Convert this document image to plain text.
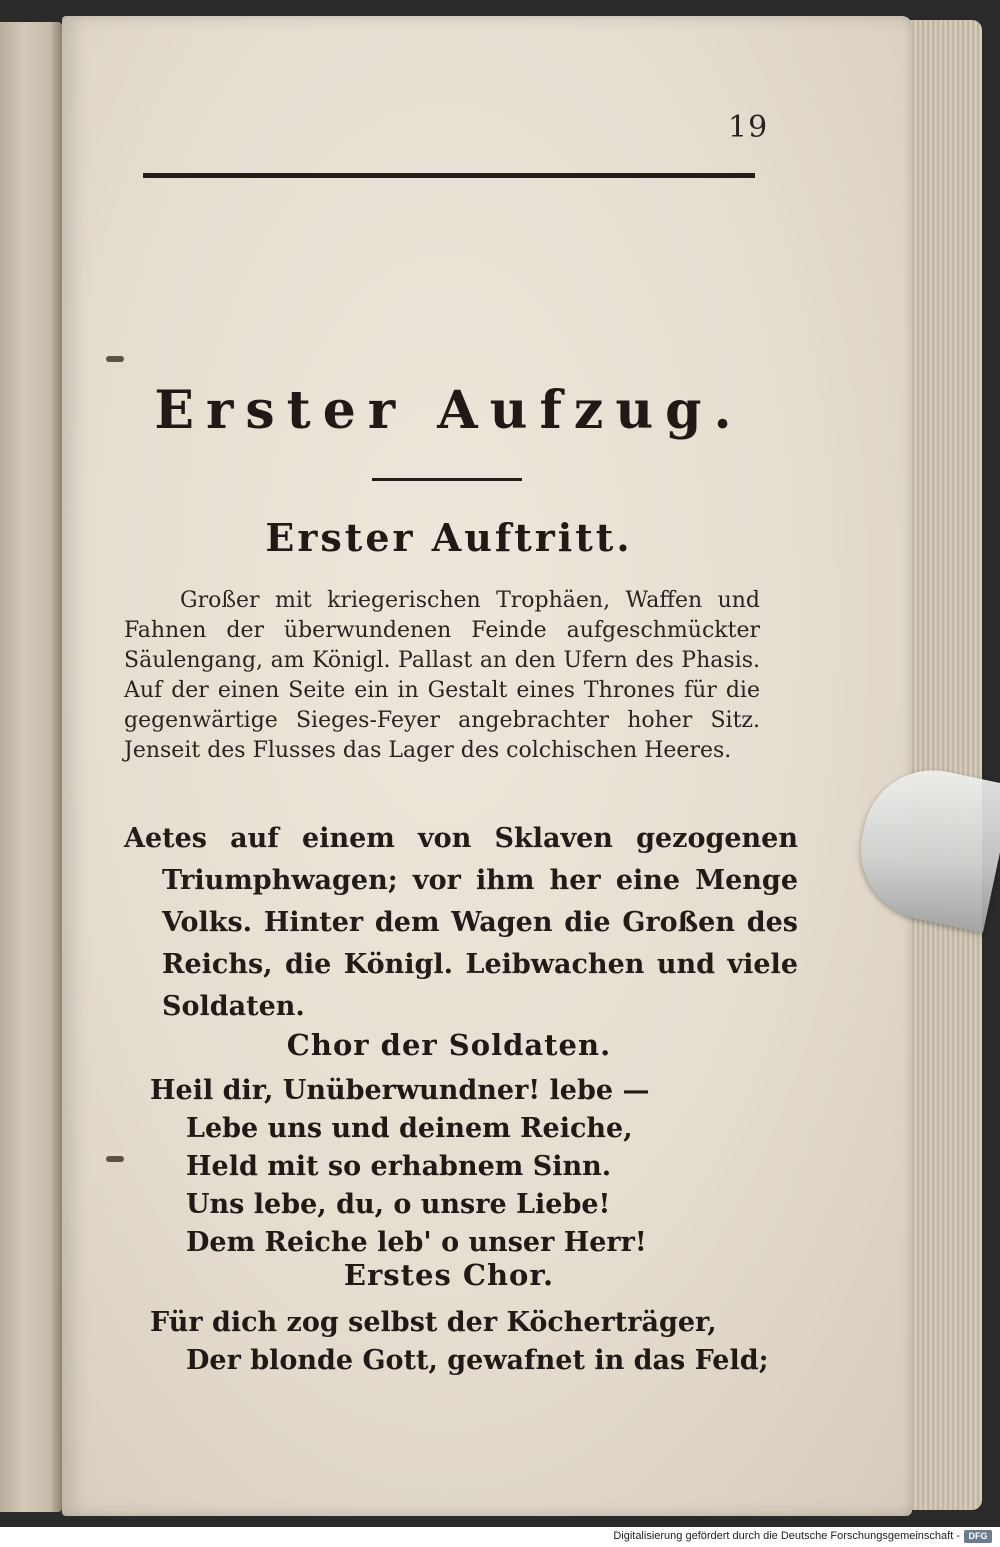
19
Erster Aufzug.
Erster Auftritt.
Großer mit kriegerischen Trophäen, Waffen und Fahnen der überwundenen Feinde aufgeschmückter Säulengang, am Königl. Pallast an den Ufern des Phasis. Auf der einen Seite ein in Gestalt eines Thrones für die gegenwärtige Sieges-Feyer angebrachter hoher Sitz. Jenseit des Flusses das Lager des colchischen Heeres.
Aetes auf einem von Sklaven gezogenen Triumphwagen; vor ihm her eine Menge Volks. Hinter dem Wagen die Großen des Reichs, die Königl. Leibwachen und viele Soldaten.
Chor der Soldaten.
Heil dir, Unüberwundner! lebe —
Lebe uns und deinem Reiche,
Held mit so erhabnem Sinn.
Uns lebe, du, o unsre Liebe!
Dem Reiche leb' o unser Herr!
Erstes Chor.
Für dich zog selbst der Köcherträger,
Der blonde Gott, gewafnet in das Feld;
Digitalisierung gefördert durch die Deutsche Forschungsgemeinschaft - DFG
